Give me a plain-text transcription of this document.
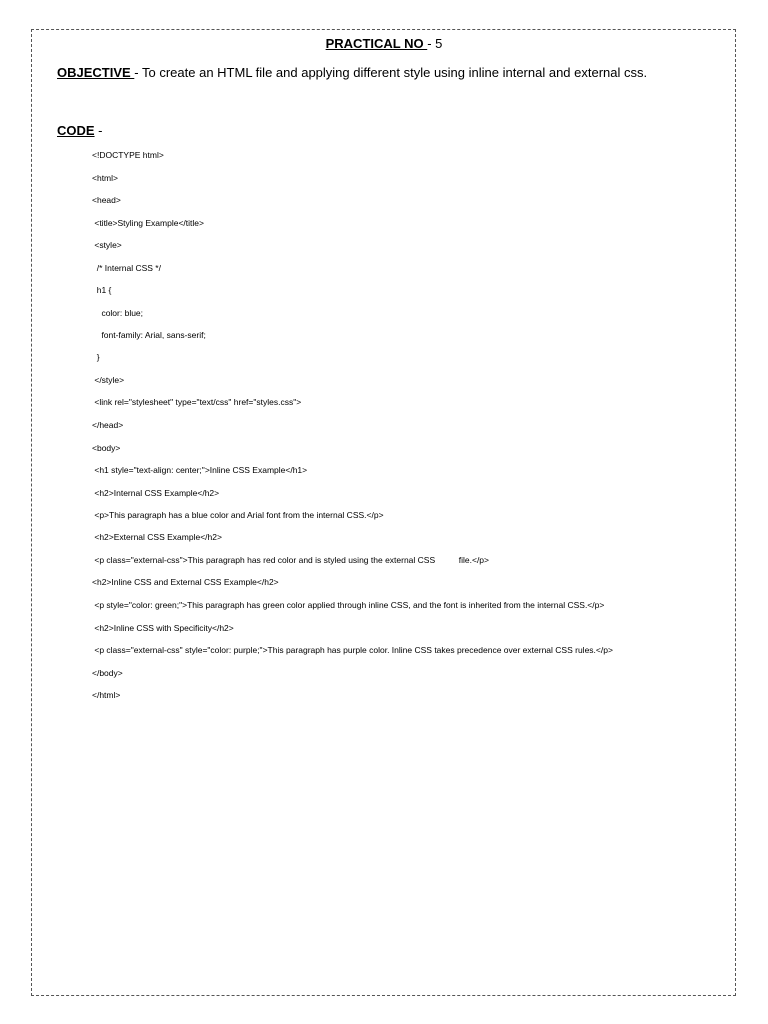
PRACTICAL NO - 5
OBJECTIVE - To create an HTML file and applying different style using inline internal and external css.
CODE -
<!DOCTYPE html>
<html>
<head>
<title>Styling Example</title>
<style>
/* Internal CSS */
h1 {
color: blue;
font-family: Arial, sans-serif;
}
</style>
<link rel="stylesheet" type="text/css" href="styles.css">
</head>
<body>
<h1 style="text-align: center;">Inline CSS Example</h1>
<h2>Internal CSS Example</h2>
<p>This paragraph has a blue color and Arial font from the internal CSS.</p>
<h2>External CSS Example</h2>
<p class="external-css">This paragraph has red color and is styled using the external CSS          file.</p>
<h2>Inline CSS and External CSS Example</h2>
<p style="color: green;">This paragraph has green color applied through inline CSS, and the font is inherited from the internal CSS.</p>
<h2>Inline CSS with Specificity</h2>
<p class="external-css" style="color: purple;">This paragraph has purple color. Inline CSS takes precedence over external CSS rules.</p>
</body>
</html>
